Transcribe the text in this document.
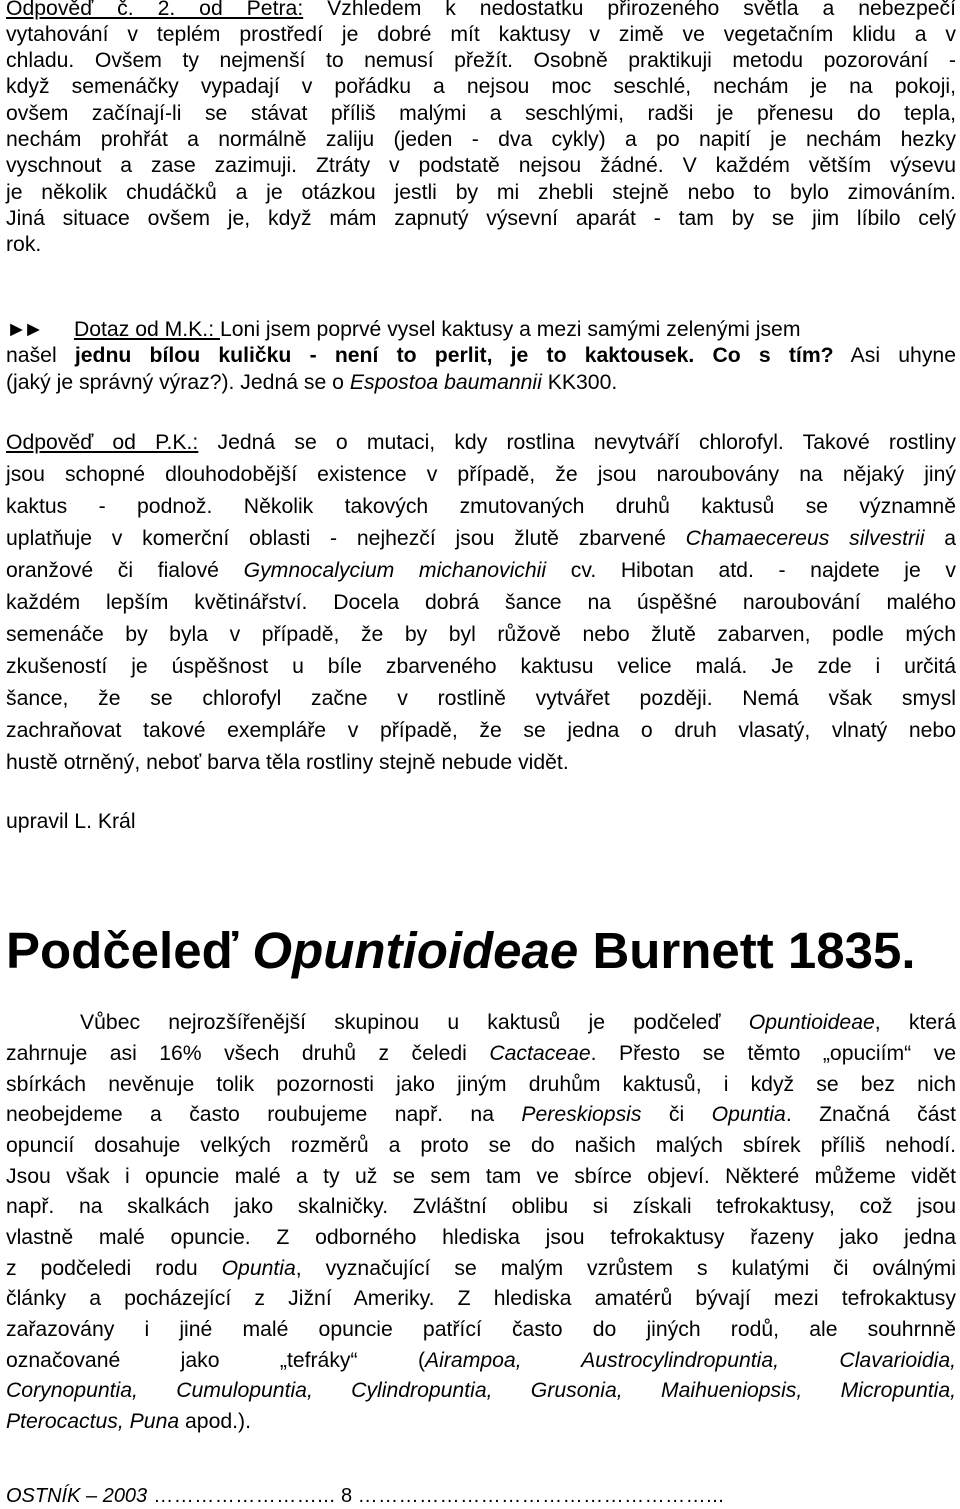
Odpověď č. 2. od Petra: Vzhledem k nedostatku přirozeného světla a nebezpečí
vytahování v teplém prostředí je dobré mít kaktusy v zimě ve vegetačním klidu a v
chladu. Ovšem ty nejmenší to nemusí přežít. Osobně praktikuji metodu pozorování -
když semenáčky vypadají v pořádku a nejsou moc seschlé, nechám je na pokoji,
ovšem začínají-li se stávat příliš malými a seschlými, radši je přenesu do tepla,
nechám prohřát a normálně zaliju (jeden - dva cykly) a po napití je nechám hezky
vyschnout a zase zazimuji. Ztráty v podstatě nejsou žádné. V každém větším výsevu
je několik chudáčků a je otázkou jestli by mi zhebli stejně nebo to bylo zimováním.
Jiná situace ovšem je, když mám zapnutý výsevní aparát - tam by se jim líbilo celý
rok.
►► Dotaz od M.K.: Loni jsem poprvé vysel kaktusy a mezi samými zelenými jsem
našel jednu bílou kuličku - není to perlit, je to kaktousek. Co s tím? Asi uhyne
(jaký je správný výraz?). Jedná se o Espostoa baumannii KK300.
Odpověď od P.K.: Jedná se o mutaci, kdy rostlina nevytváří chlorofyl. Takové rostliny
jsou schopné dlouhodobější existence v případě, že jsou naroubovány na nějaký jiný
kaktus - podnož. Několik takových zmutovaných druhů kaktusů se významně
uplatňuje v komerční oblasti - nejhezčí jsou žlutě zbarvené Chamaecereus silvestrii a
oranžové či fialové Gymnocalycium michanovichii cv. Hibotan atd. - najdete je v
každém lepším květinářství. Docela dobrá šance na úspěšné naroubování malého
semenáče by byla v případě, že by byl růžově nebo žlutě zabarven, podle mých
zkušeností je úspěšnost u bíle zbarveného kaktusu velice malá. Je zde i určitá
šance, že se chlorofyl začne v rostlině vytvářet později. Nemá však smysl
zachraňovat takové exempláře v případě, že se jedna o druh vlasatý, vlnatý nebo
hustě otrněný, neboť barva těla rostliny stejně nebude vidět.
upravil L. Král
Vůbec nejrozšířenější skupinou u kaktusů je podčeleď Opuntioideae, která
zahrnuje asi 16% všech druhů z čeledi Cactaceae. Přesto se těmto „opuciím“ ve
sbírkách nevěnuje tolik pozornosti jako jiným druhům kaktusů, i když se bez nich
neobejdeme a často roubujeme např. na Pereskiopsis či Opuntia. Značná část
opuncií dosahuje velkých rozměrů a proto se do našich malých sbírek příliš nehodí.
Jsou však i opuncie malé a ty už se sem tam ve sbírce objeví. Některé můžeme vidět
např. na skalkách jako skalničky. Zvláštní oblibu si získali tefrokaktusy, což jsou
vlastně malé opuncie. Z odborného hlediska jsou tefrokaktusy řazeny jako jedna
z podčeledi rodu Opuntia, vyznačující se malým vzrůstem s kulatými či oválnými
články a pocházející z Jižní Ameriky. Z hlediska amatérů bývají mezi tefrokaktusy
zařazovány i jiné malé opuncie patřící často do jiných rodů, ale souhrnně
označované jako „tefráky“ (Airampoa, Austrocylindropuntia, Clavarioidia,
Corynopuntia, Cumulopuntia, Cylindropuntia, Grusonia, Maihueniopsis, Micropuntia,
Pterocactus, Puna apod.).
Podčeleď Opuntioideae Burnett 1835.
OSTNÍK – 2003 ……………………... 8 ……………………………………………...
